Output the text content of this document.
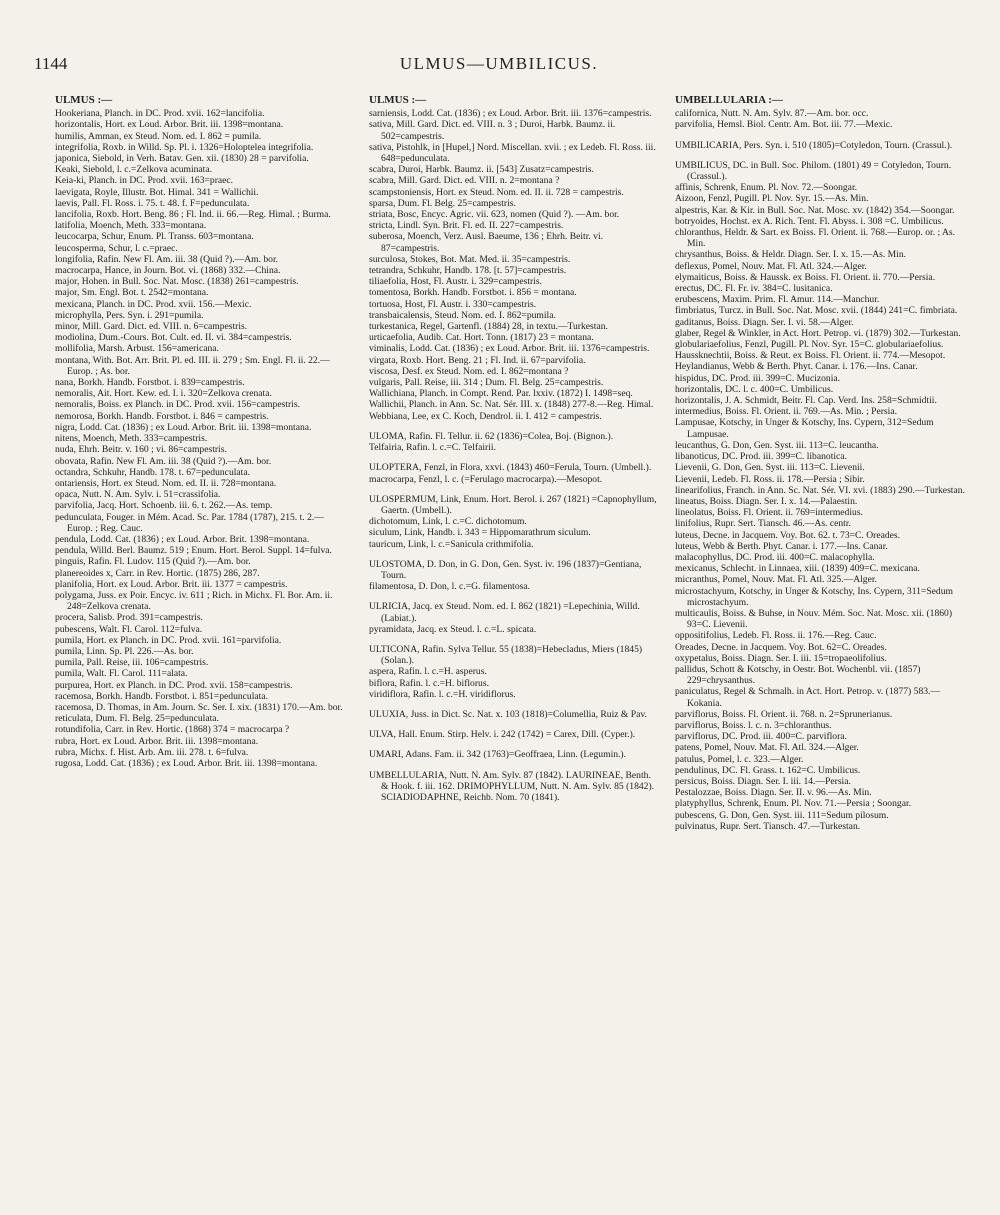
1144	ULMUS—UMBILICUS.
ULMUS :—
Hookeriana, Planch. in DC. Prod. xvii. 162=lancifolia.
horizontalis, Hort. ex Loud. Arbor. Brit. iii. 1398=montana.
humilis, Amman, ex Steud. Nom. ed. I. 862 = pumila.
integrifolia, Roxb. in Willd. Sp. Pl. i. 1326=Holoptelea integrifolia.
japonica, Siebold, in Verh. Batav. Gen. xii. (1830) 28 = parvifolia.
Keaki, Siebold, l. c.=Zelkova acuminata.
Keia-ki, Planch. in DC. Prod. xvii. 163=praec.
laevigata, Royle, Illustr. Bot. Himal. 341 = Wallichii.
laevis, Pall. Fl. Ross. i. 75. t. 48. f. F=pedunculata.
lancifolia, Roxb. Hort. Beng. 86 ; Fl. Ind. ii. 66.—Reg. Himal. ; Burma.
latifolia, Moench, Meth. 333=montana.
leucocarpa, Schur, Enum. Pl. Transs. 603=montana.
leucosperma, Schur, l. c.=praec.
longifolia, Rafin. New Fl. Am. iii. 38 (Quid ?).—Am. bor.
macrocarpa, Hance, in Journ. Bot. vi. (1868) 332.—China.
major, Hohen. in Bull. Soc. Nat. Mosc. (1838) 261=campestris.
major, Sm. Engl. Bot. t. 2542=montana.
mexicana, Planch. in DC. Prod. xvii. 156.—Mexic.
microphylla, Pers. Syn. i. 291=pumila.
minor, Mill. Gard. Dict. ed. VIII. n. 6=campestris.
modiolina, Dum.-Cours. Bot. Cult. ed. II. vi. 384=campestris.
mollifolia, Marsh. Arbust. 156=americana.
montana, With. Bot. Arr. Brit. Pl. ed. III. ii. 279 ; Sm. Engl. Fl. ii. 22.—Europ. ; As. bor.
nana, Borkh. Handb. Forstbot. i. 839=campestris.
nemoralis, Ait. Hort. Kew. ed. I. i. 320=Zelkova crenata.
nemoralis, Boiss. ex Planch. in DC. Prod. xvii. 156=campestris.
nemorosa, Borkh. Handb. Forstbot. i. 846 = campestris.
nigra, Lodd. Cat. (1836) ; ex Loud. Arbor. Brit. iii. 1398=montana.
nitens, Moench, Meth. 333=campestris.
nuda, Ehrh. Beitr. v. 160 ; vi. 86=campestris.
obovata, Rafin. New Fl. Am. iii. 38 (Quid ?).—Am. bor.
octandra, Schkuhr, Handb. 178. t. 67=pedunculata.
ontariensis, Hort. ex Steud. Nom. ed. II. ii. 728=montana.
opaca, Nutt. N. Am. Sylv. i. 51=crassifolia.
parvifolia, Jacq. Hort. Schoenb. iii. 6. t. 262.—As. temp.
pedunculata, Fouger. in Mém. Acad. Sc. Par. 1784 (1787), 215. t. 2.—Europ. ; Reg. Cauc.
pendula, Lodd. Cat. (1836) ; ex Loud. Arbor. Brit. 1398=montana.
pendula, Willd. Berl. Baumz. 519 ; Enum. Hort. Berol. Suppl. 14=fulva.
pinguis, Rafin. Fl. Ludov. 115 (Quid ?).—Am. bor.
planereoides x, Carr. in Rev. Hortic. (1875) 286, 287.
planifolia, Hort. ex Loud. Arbor. Brit. iii. 1377 = campestris.
polygama, Juss. ex Poir. Encyc. iv. 611 ; Rich. in Michx. Fl. Bor. Am. ii. 248=Zelkova crenata.
procera, Salisb. Prod. 391=campestris.
pubescens, Walt. Fl. Carol. 112=fulva.
pumila, Hort. ex Planch. in DC. Prod. xvii. 161=parvifolia.
pumila, Linn. Sp. Pl. 226.—As. bor.
pumila, Pall. Reise, iii. 106=campestris.
pumila, Walt. Fl. Carol. 111=alata.
purpurea, Hort. ex Planch. in DC. Prod. xvii. 158=campestris.
racemosa, Borkh. Handb. Forstbot. i. 851=pedunculata.
racemosa, D. Thomas, in Am. Journ. Sc. Ser. I. xix. (1831) 170.—Am. bor.
reticulata, Dum. Fl. Belg. 25=pedunculata.
rotundifolia, Carr. in Rev. Hortic. (1868) 374 = macrocarpa ?
rubra, Hort. ex Loud. Arbor. Brit. iii. 1398=montana.
rubra, Michx. f. Hist. Arb. Am. iii. 278. t. 6=fulva.
rugosa, Lodd. Cat. (1836) ; ex Loud. Arbor. Brit. iii. 1398=montana.
ULMUS :—
sarniensis, Lodd. Cat. (1836) ; ex Loud. Arbor. Brit. iii. 1376=campestris.
sativa, Mill. Gard. Dict. ed. VIII. n. 3 ; Duroi, Harbk. Baumz. ii. 502=campestris.
sativa, Pistohlk, in [Hupel,] Nord. Miscellan. xvii. ; ex Ledeb. Fl. Ross. iii. 648=pedunculata.
scabra, Duroi, Harbk. Baumz. ii. [543] Zusatz=campestris.
scabra, Mill. Gard. Dict. ed. VIII. n. 2=montana ?
scampstoniensis, Hort. ex Steud. Nom. ed. II. ii. 728 = campestris.
sparsa, Dum. Fl. Belg. 25=campestris.
striata, Bosc, Encyc. Agric. vii. 623, nomen (Quid ?). —Am. bor.
stricta, Lindl. Syn. Brit. Fl. ed. II. 227=campestris.
suberosa, Moench, Verz. Ausl. Baeume, 136 ; Ehrh. Beitr. vi. 87=campestris.
surculosa, Stokes, Bot. Mat. Med. ii. 35=campestris.
tetrandra, Schkuhr, Handb. 178. [t. 57]=campestris.
tiliaefolia, Host, Fl. Austr. i. 329=campestris.
tomentosa, Borkh. Handb. Forstbot. i. 856 = montana.
tortuosa, Host, Fl. Austr. i. 330=campestris.
transbaicalensis, Steud. Nom. ed. I. 862=pumila.
turkestanica, Regel, Gartenfl. (1884) 28, in textu.—Turkestan.
urticaefolia, Audib. Cat. Hort. Tonn. (1817) 23 = montana.
viminalis, Lodd. Cat. (1836) ; ex Loud. Arbor. Brit. iii. 1376=campestris.
virgata, Roxb. Hort. Beng. 21 ; Fl. Ind. ii. 67=parvifolia.
viscosa, Desf. ex Steud. Nom. ed. I. 862=montana ?
vulgaris, Pall. Reise, iii. 314 ; Dum. Fl. Belg. 25=campestris.
Wallichiana, Planch. in Compt. Rend. Par. lxxiv. (1872) I. 1498=seq.
Wallichii, Planch. in Ann. Sc. Nat. Sér. III. x. (1848) 277-8.—Reg. Himal.
Webbiana, Lee, ex C. Koch, Dendrol. ii. I. 412 = campestris.
ULOMA, Rafin. Fl. Tellur. ii. 62 (1836)=Colea, Boj. (Bignon.).
Telfairia, Rafin. l. c.=C. Telfairii.
ULOPTERA, Fenzl, in Flora, xxvi. (1843) 460=Ferula, Tourn. (Umbell.).
macrocarpa, Fenzl, l. c. (=Ferulago macrocarpa).—Mesopot.
ULOSPERMUM, Link, Enum. Hort. Berol. i. 267 (1821) =Capnophyllum, Gaertn. (Umbell.).
dichotomum, Link, l. c.=C. dichotomum.
siculum, Link, Handb. i. 343 = Hippomarathrum siculum.
tauricum, Link, l. c.=Sanicula crithmifolia.
ULOSTOMA, D. Don, in G. Don, Gen. Syst. iv. 196 (1837)=Gentiana, Tourn.
filamentosa, D. Don, l. c.=G. filamentosa.
ULRICIA, Jacq. ex Steud. Nom. ed. I. 862 (1821) =Lepechinia, Willd. (Labiat.).
pyramidata, Jacq. ex Steud. l. c.=L. spicata.
ULTICONA, Rafin. Sylva Tellur. 55 (1838)=Hebecladus, Miers (1845) (Solan.).
aspera, Rafin. l. c.=H. asperus.
biflora, Rafin. l. c.=H. biflorus.
viridiflora, Rafin. l. c.=H. viridiflorus.
ULUXIA, Juss. in Dict. Sc. Nat. x. 103 (1818)=Columellia, Ruiz & Pav.
ULVA, Hall. Enum. Stirp. Helv. i. 242 (1742) = Carex, Dill. (Cyper.).
UMARI, Adans. Fam. ii. 342 (1763)=Geoffraea, Linn. (Legumin.).
UMBELLULARIA, Nutt. N. Am. Sylv. 87 (1842). LAURINEAE, Benth. & Hook. f. iii. 162. DRIMOPHYLLUM, Nutt. N. Am. Sylv. 85 (1842). SCIADIODAPHNE, Reichb. Nom. 70 (1841).
UMBELLULARIA :—
californica, Nutt. N. Am. Sylv. 87.—Am. bor. occ.
parvifolia, Hemsl. Biol. Centr. Am. Bot. iii. 77.—Mexic.
UMBILICARIA, Pers. Syn. i. 510 (1805)=Cotyledon, Tourn. (Crassul.).
UMBILICUS, DC. in Bull. Soc. Philom. (1801) 49 = Cotyledon, Tourn. (Crassul.).
affinis, Schrenk, Enum. Pl. Nov. 72.—Soongar.
Aizoon, Fenzl, Pugill. Pl. Nov. Syr. 15.—As. Min.
alpestris, Kar. & Kir. in Bull. Soc. Nat. Mosc. xv. (1842) 354.—Soongar.
botryoides, Hochst. ex A. Rich. Tent. Fl. Abyss. i. 308 =C. Umbilicus.
chloranthus, Heldr. & Sart. ex Boiss. Fl. Orient. ii. 768.—Europ. or. ; As. Min.
chrysanthus, Boiss. & Heldr. Diagn. Ser. I. x. 15.—As. Min.
deflexus, Pomel, Nouv. Mat. Fl. Atl. 324.—Alger.
elymaiticus, Boiss. & Haussk. ex Boiss. Fl. Orient. ii. 770.—Persia.
erectus, DC. Fl. Fr. iv. 384=C. lusitanica.
erubescens, Maxim. Prim. Fl. Amur. 114.—Manchur.
fimbriatus, Turcz. in Bull. Soc. Nat. Mosc. xvii. (1844) 241=C. fimbriata.
gaditanus, Boiss. Diagn. Ser. I. vi. 58.—Alger.
glaber, Regel & Winkler, in Act. Hort. Petrop. vi. (1879) 302.—Turkestan.
globulariaefolius, Fenzl, Pugill. Pl. Nov. Syr. 15=C. globulariaefolius.
Haussknechtii, Boiss. & Reut. ex Boiss. Fl. Orient. ii. 774.—Mesopot.
Heylandianus, Webb & Berth. Phyt. Canar. i. 176.—Ins. Canar.
hispidus, DC. Prod. iii. 399=C. Mucizonia.
horizontalis, DC. l. c. 400=C. Umbilicus.
horizontalis, J. A. Schmidt, Beitr. Fl. Cap. Verd. Ins. 258=Schmidtii.
intermedius, Boiss. Fl. Orient. ii. 769.—As. Min. ; Persia.
Lampusae, Kotschy, in Unger & Kotschy, Ins. Cypern, 312=Sedum Lampusae.
leucanthus, G. Don, Gen. Syst. iii. 113=C. leucantha.
libanoticus, DC. Prod. iii. 399=C. libanotica.
Lievenii, G. Don, Gen. Syst. iii. 113=C. Lievenii.
Lievenii, Ledeb. Fl. Ross. ii. 178.—Persia ; Sibir.
linearifolius, Franch. in Ann. Sc. Nat. Sér. VI. xvi. (1883) 290.—Turkestan.
lineatus, Boiss. Diagn. Ser. I. x. 14.—Palaestin.
lineolatus, Boiss. Fl. Orient. ii. 769=intermedius.
linifolius, Rupr. Sert. Tiansch. 46.—As. centr.
luteus, Decne. in Jacquem. Voy. Bot. 62. t. 73=C. Oreades.
luteus, Webb & Berth. Phyt. Canar. i. 177.—Ins. Canar.
malacophyllus, DC. Prod. iii. 400=C. malacophylla.
mexicanus, Schlecht. in Linnaea, xiii. (1839) 409=C. mexicana.
micranthus, Pomel, Nouv. Mat. Fl. Atl. 325.—Alger.
microstachyum, Kotschy, in Unger & Kotschy, Ins. Cypern, 311=Sedum microstachyum.
multicaulis, Boiss. & Buhse, in Nouv. Mém. Soc. Nat. Mosc. xii. (1860) 93=C. Lievenii.
oppositifolius, Ledeb. Fl. Ross. ii. 176.—Reg. Cauc.
Oreades, Decne. in Jacquem. Voy. Bot. 62=C. Oreades.
oxypetalus, Boiss. Diagn. Ser. I. iii. 15=tropaeolifolius.
pallidus, Schott & Kotschy, in Oestr. Bot. Wochenbl. vii. (1857) 229=chrysanthus.
paniculatus, Regel & Schmalh. in Act. Hort. Petrop. v. (1877) 583.—Kokania.
parviflorus, Boiss. Fl. Orient. ii. 768. n. 2=Sprunerianus.
parviflorus, Boiss. l. c. n. 3=chloranthus.
parviflorus, DC. Prod. iii. 400=C. parviflora.
patens, Pomel, Nouv. Mat. Fl. Atl. 324.—Alger.
patulus, Pomel, l. c. 323.—Alger.
pendulinus, DC. Fl. Grass. t. 162=C. Umbilicus.
persicus, Boiss. Diagn. Ser. I. iii. 14.—Persia.
Pestalozzae, Boiss. Diagn. Ser. II. v. 96.—As. Min.
platyphyllus, Schrenk, Enum. Pl. Nov. 71.—Persia ; Soongar.
pubescens, G. Don, Gen. Syst. iii. 111=Sedum pilosum.
pulvinatus, Rupr. Sert. Tiansch. 47.—Turkestan.
